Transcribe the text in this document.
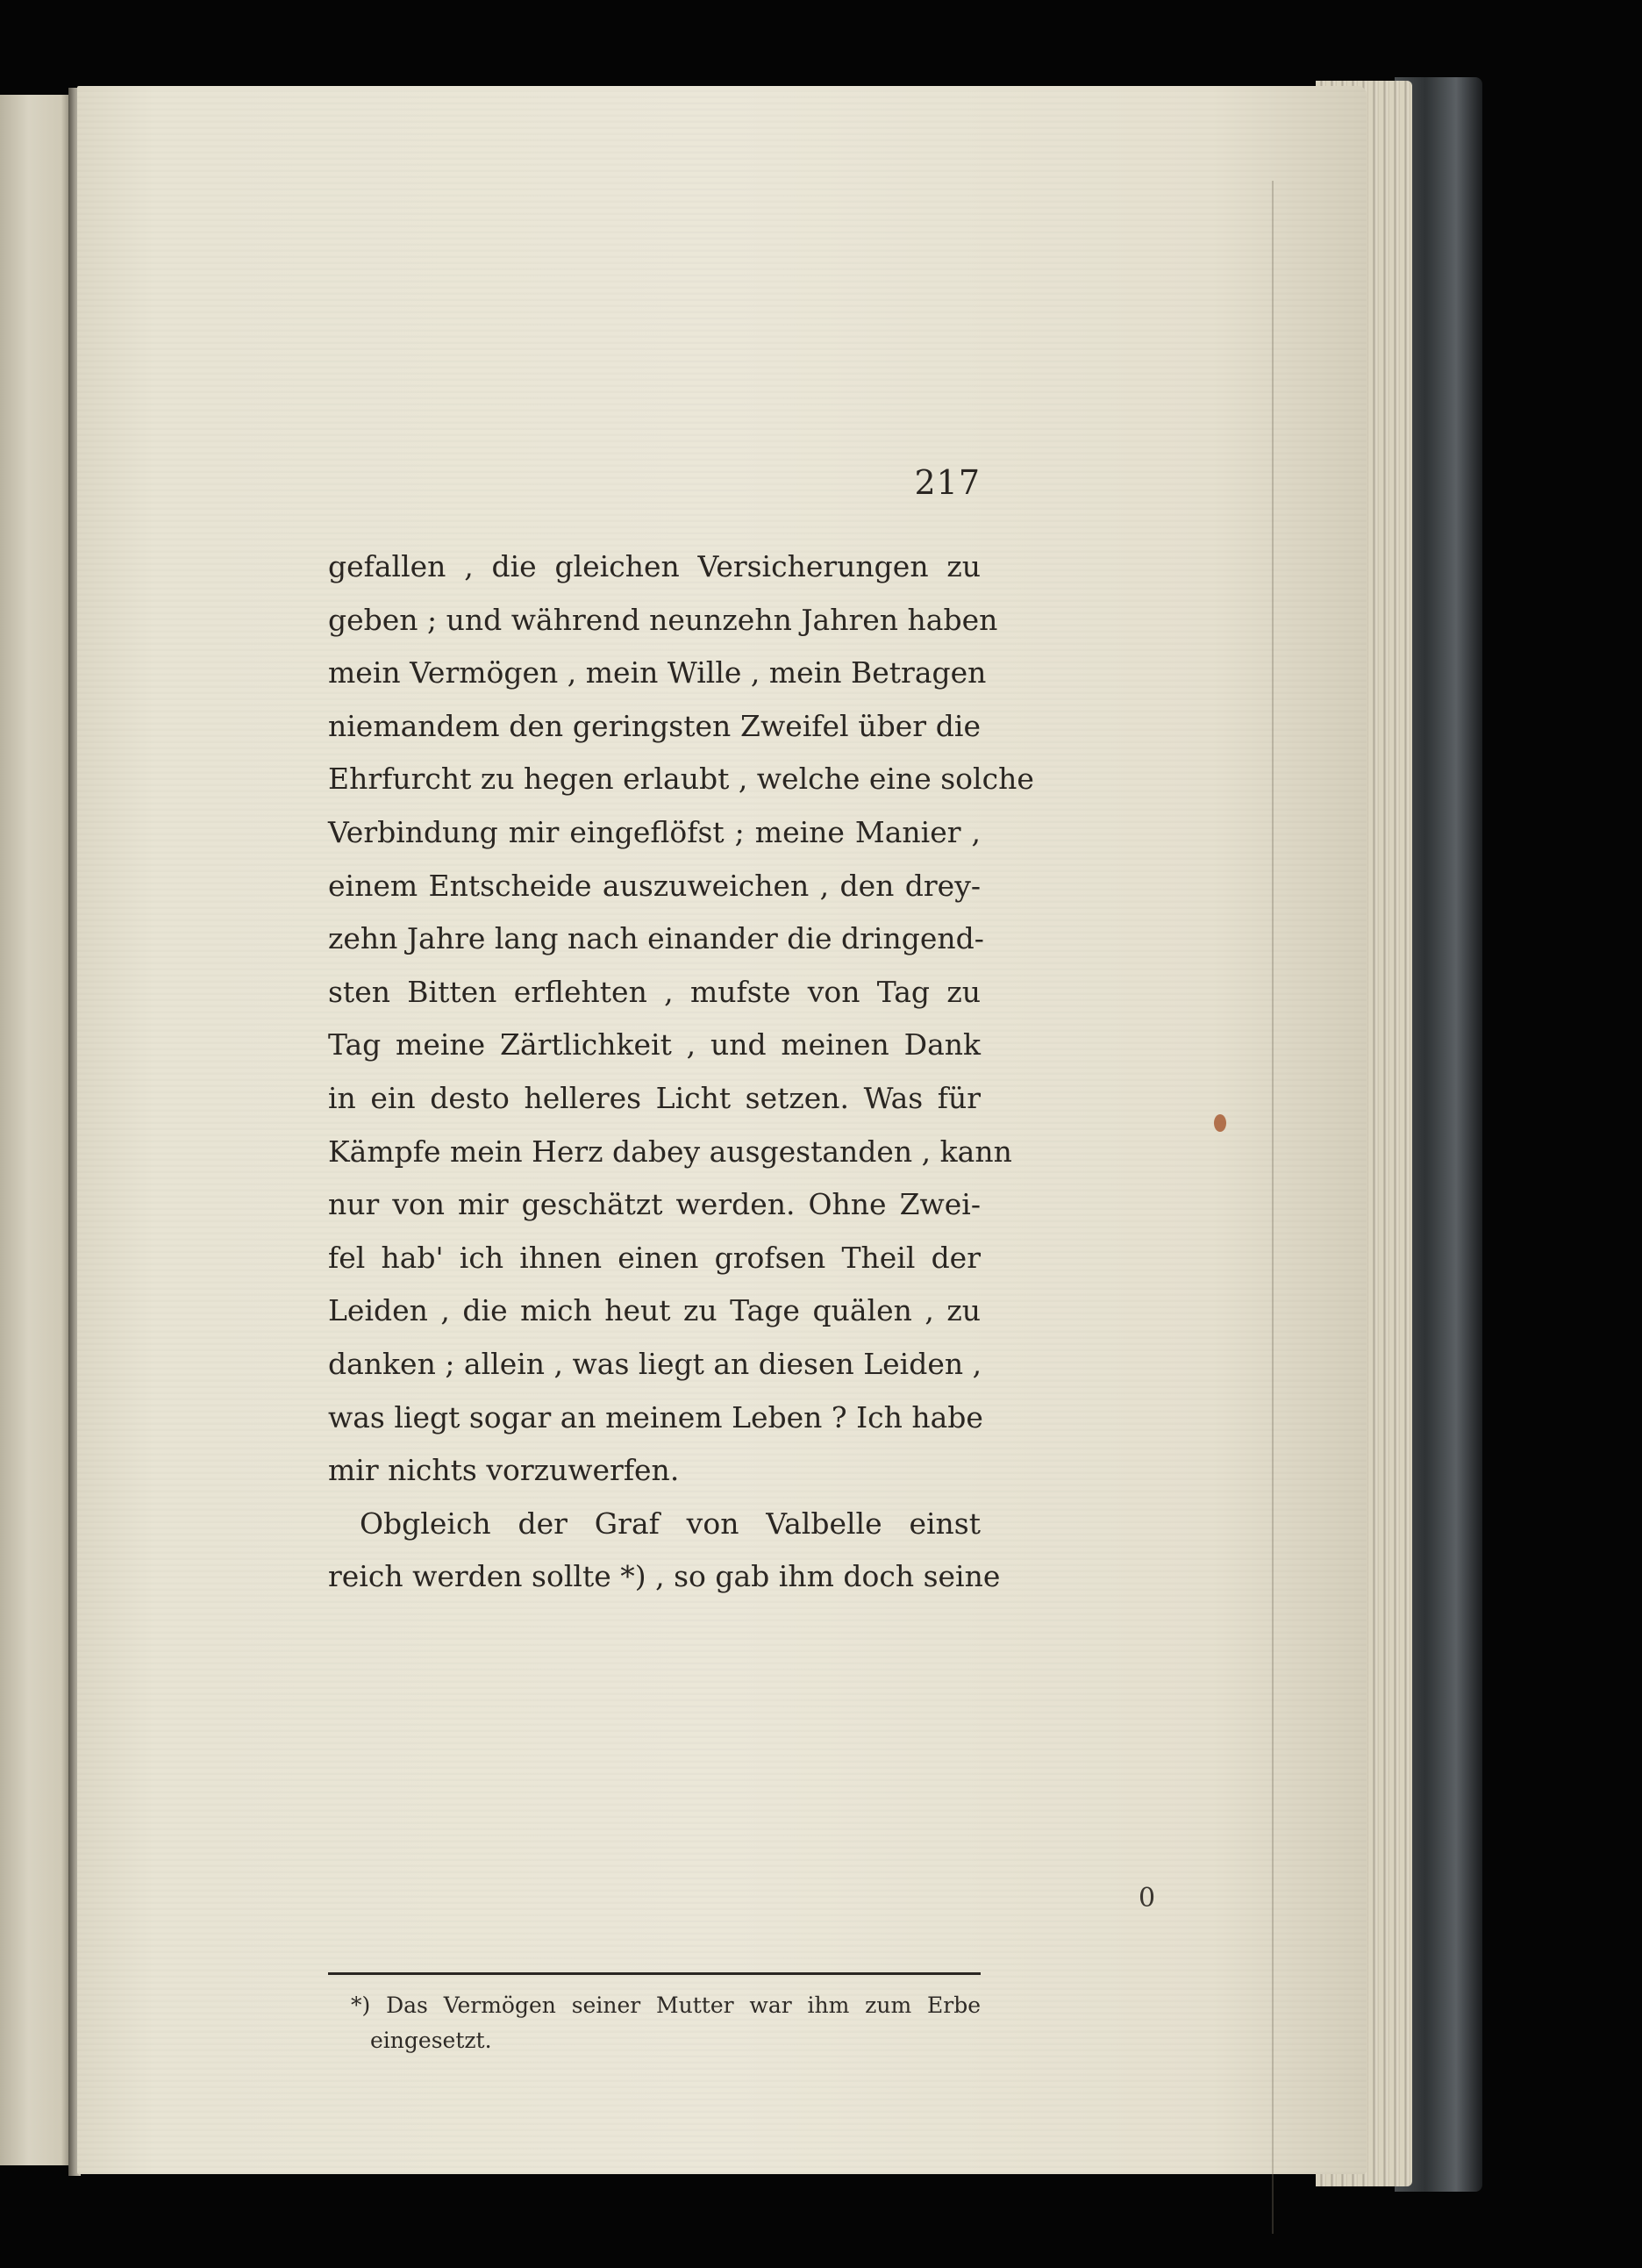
0
217
gefallen , die gleichen Versicherungen zu
geben ; und während neunzehn Jahren haben
mein Vermögen , mein Wille , mein Betragen
niemandem den geringsten Zweifel über die
Ehrfurcht zu hegen erlaubt , welche eine solche
Verbindung mir eingeflöfst ; meine Manier ,
einem Entscheide auszuweichen , den drey-
zehn Jahre lang nach einander die dringend-
sten Bitten erflehten , mufste von Tag zu
Tag meine Zärtlichkeit , und meinen Dank
in ein desto helleres Licht setzen. Was für
Kämpfe mein Herz dabey ausgestanden , kann
nur von mir geschätzt werden. Ohne Zwei-
fel hab' ich ihnen einen grofsen Theil der
Leiden , die mich heut zu Tage quälen , zu
danken ; allein , was liegt an diesen Leiden ,
was liegt sogar an meinem Leben ? Ich habe
mir nichts vorzuwerfen.
Obgleich der Graf von Valbelle einst
reich werden sollte *) , so gab ihm doch seine
*) Das Vermögen seiner Mutter war ihm zum Erbe
eingesetzt.
